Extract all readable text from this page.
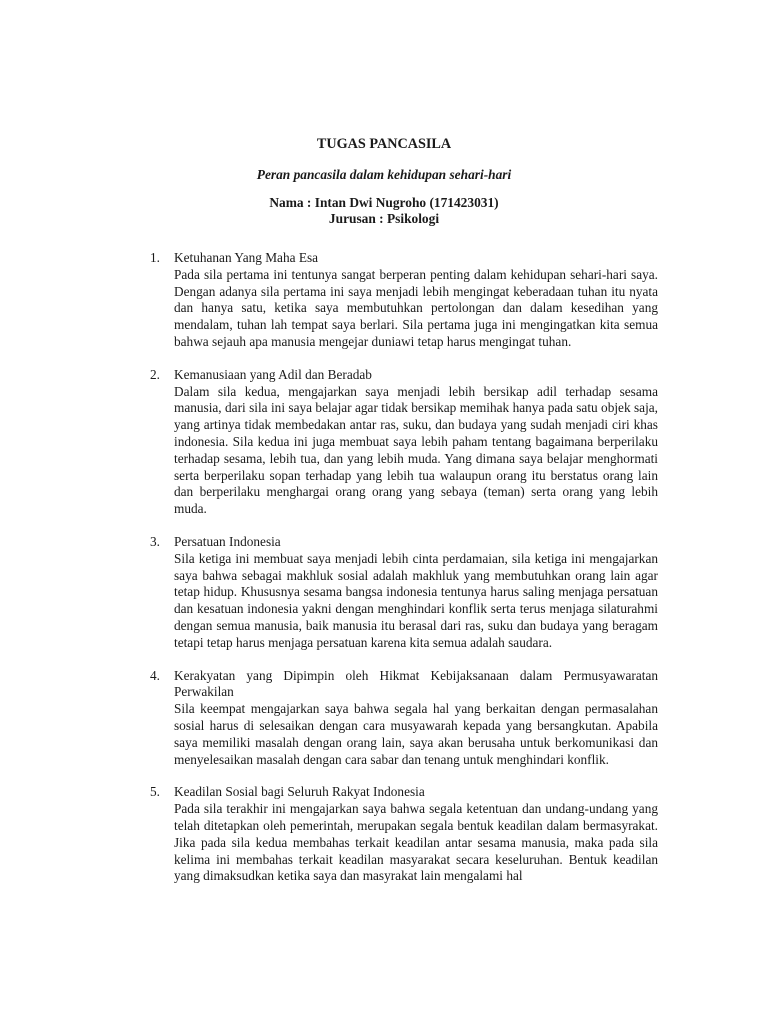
TUGAS PANCASILA
Peran pancasila dalam kehidupan sehari-hari
Nama : Intan Dwi Nugroho (171423031)
Jurusan : Psikologi
1. Ketuhanan Yang Maha Esa
Pada sila pertama ini tentunya sangat berperan penting dalam kehidupan sehari-hari saya. Dengan adanya sila pertama ini saya menjadi lebih mengingat keberadaan tuhan itu nyata dan hanya satu, ketika saya membutuhkan pertolongan dan dalam kesedihan yang mendalam, tuhan lah tempat saya berlari. Sila pertama juga ini mengingatkan kita semua bahwa sejauh apa manusia mengejar duniawi tetap harus mengingat tuhan.
2. Kemanusiaan yang Adil dan Beradab
Dalam sila kedua, mengajarkan saya menjadi lebih bersikap adil terhadap sesama manusia, dari sila ini saya belajar agar tidak bersikap memihak hanya pada satu objek saja, yang artinya tidak membedakan antar ras, suku, dan budaya yang sudah menjadi ciri khas indonesia. Sila kedua ini juga membuat saya lebih paham tentang bagaimana berperilaku terhadap sesama, lebih tua, dan yang lebih muda. Yang dimana saya belajar menghormati serta berperilaku sopan terhadap yang lebih tua walaupun orang itu berstatus orang lain dan berperilaku menghargai orang orang yang sebaya (teman) serta orang yang lebih muda.
3. Persatuan Indonesia
Sila ketiga ini membuat saya menjadi lebih cinta perdamaian, sila ketiga ini mengajarkan saya bahwa sebagai makhluk sosial adalah makhluk yang membutuhkan orang lain agar tetap hidup. Khususnya sesama bangsa indonesia tentunya harus saling menjaga persatuan dan kesatuan indonesia yakni dengan menghindari konflik serta terus menjaga silaturahmi dengan semua manusia, baik manusia itu berasal dari ras, suku dan budaya yang beragam tetapi tetap harus menjaga persatuan karena kita semua adalah saudara.
4. Kerakyatan yang Dipimpin oleh Hikmat Kebijaksanaan dalam Permusyawaratan Perwakilan
Sila keempat mengajarkan saya bahwa segala hal yang berkaitan dengan permasalahan sosial harus di selesaikan dengan cara musyawarah kepada yang bersangkutan. Apabila saya memiliki masalah dengan orang lain, saya akan berusaha untuk berkomunikasi dan menyelesaikan masalah dengan cara sabar dan tenang untuk menghindari konflik.
5. Keadilan Sosial bagi Seluruh Rakyat Indonesia
Pada sila terakhir ini mengajarkan saya bahwa segala ketentuan dan undang-undang yang telah ditetapkan oleh pemerintah, merupakan segala bentuk keadilan dalam bermasyrakat. Jika pada sila kedua membahas terkait keadilan antar sesama manusia, maka pada sila kelima ini membahas terkait keadilan masyarakat secara keseluruhan. Bentuk keadilan yang dimaksudkan ketika saya dan masyrakat lain mengalami hal
